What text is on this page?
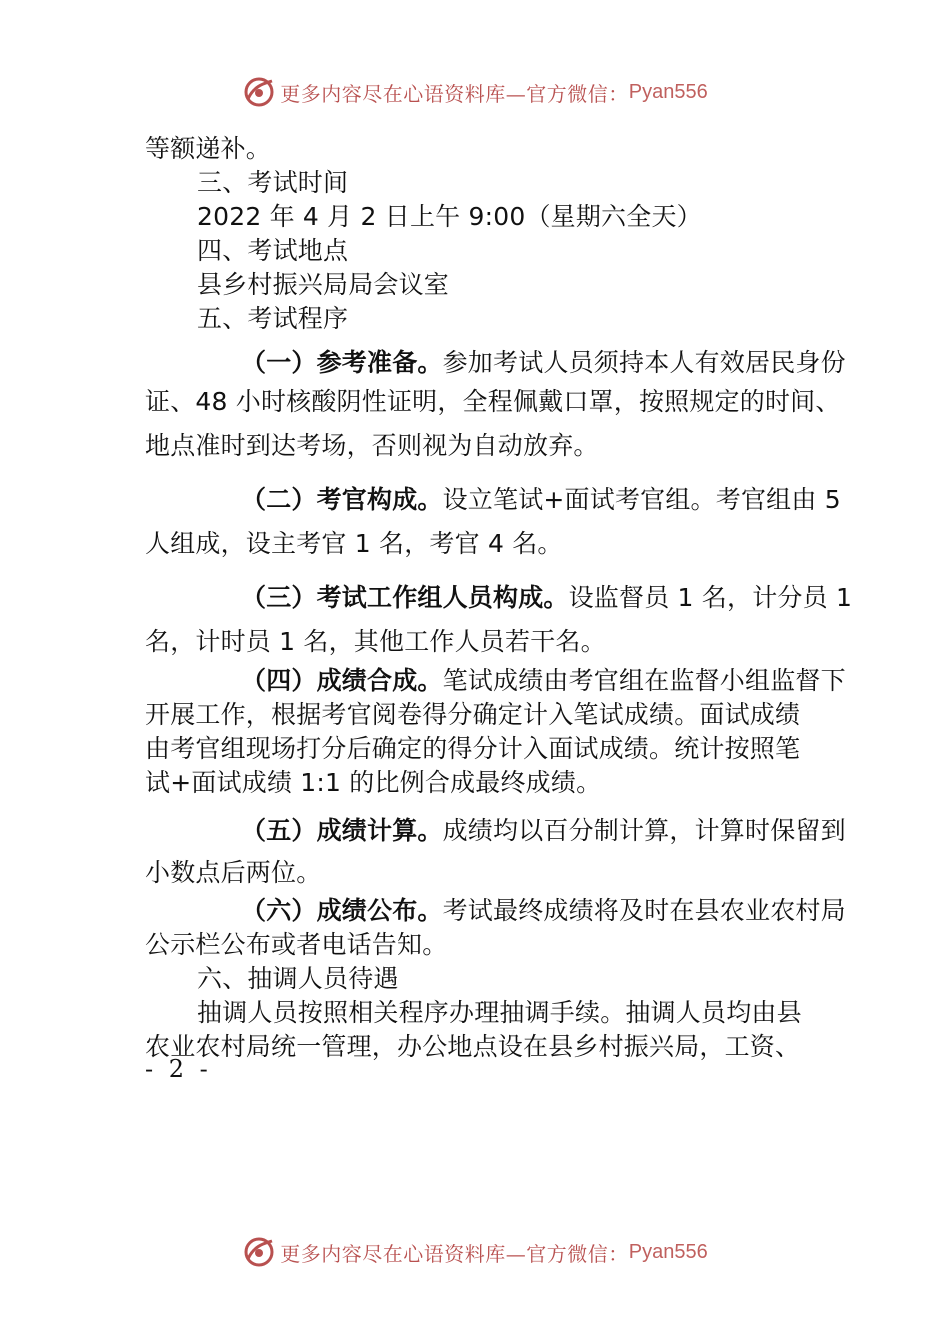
更多内容尽在心语资料库—官方微信： Pyan556
等额递补。
三、考试时间
2022 年 4 月 2 日上午 9:00（星期六全天）
四、考试地点
县乡村振兴局局会议室
五、考试程序
（一）参考准备。参加考试人员须持本人有效居民身份
证、48 小时核酸阴性证明，全程佩戴口罩，按照规定的时间、
地点准时到达考场，否则视为自动放弃。
（二）考官构成。设立笔试+面试考官组。考官组由 5
人组成，设主考官 1 名，考官 4 名。
（三）考试工作组人员构成。设监督员 1 名，计分员 1
名，计时员 1 名，其他工作人员若干名。
（四）成绩合成。笔试成绩由考官组在监督小组监督下
开展工作，根据考官阅卷得分确定计入笔试成绩。面试成绩
由考官组现场打分后确定的得分计入面试成绩。统计按照笔
试+面试成绩 1:1 的比例合成最终成绩。
（五）成绩计算。成绩均以百分制计算，计算时保留到
小数点后两位。
（六）成绩公布。考试最终成绩将及时在县农业农村局
公示栏公布或者电话告知。
六、抽调人员待遇
抽调人员按照相关程序办理抽调手续。抽调人员均由县
农业农村局统一管理，办公地点设在县乡村振兴局，工资、
- 2 -
更多内容尽在心语资料库—官方微信： Pyan556
